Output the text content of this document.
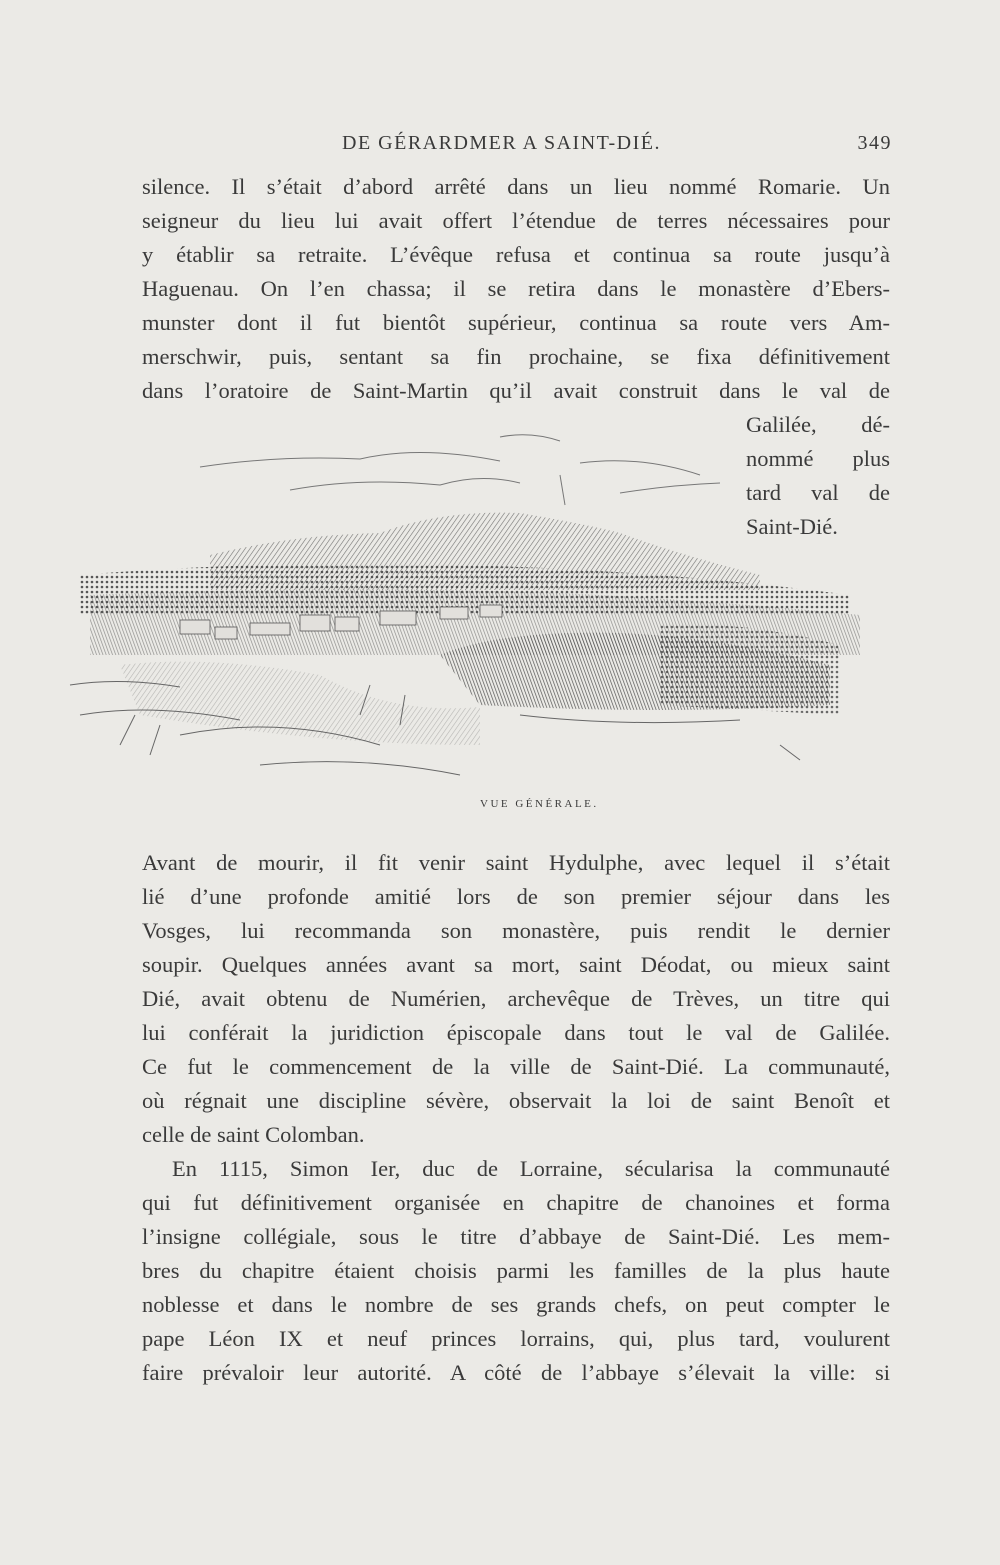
DE GÉRARDMER A SAINT-DIÉ.	349
silence. Il s’était d’abord arrêté dans un lieu nommé Romarie. Un
seigneur du lieu lui avait offert l’étendue de terres nécessaires pour
y établir sa retraite. L’évêque refusa et continua sa route jusqu’à
Haguenau. On l’en chassa; il se retira dans le monastère d’Ebers-
munster dont il fut bientôt supérieur, continua sa route vers Am-
merschwir, puis, sentant sa fin prochaine, se fixa définitivement
dans l’oratoire de Saint-Martin qu’il avait construit dans le val de
Galilée, dé-
nommé plus
tard val de
Saint-Dié.
VUE GÉNÉRALE.
Avant de mourir, il fit venir saint Hydulphe, avec lequel il s’était
lié d’une profonde amitié lors de son premier séjour dans les
Vosges, lui recommanda son monastère, puis rendit le dernier
soupir. Quelques années avant sa mort, saint Déodat, ou mieux saint
Dié, avait obtenu de Numérien, archevêque de Trèves, un titre qui
lui conférait la juridiction épiscopale dans tout le val de Galilée.
Ce fut le commencement de la ville de Saint-Dié. La communauté,
où régnait une discipline sévère, observait la loi de saint Benoît et
celle de saint Colomban.
En 1115, Simon Ier, duc de Lorraine, sécularisa la communauté
qui fut définitivement organisée en chapitre de chanoines et forma
l’insigne collégiale, sous le titre d’abbaye de Saint-Dié. Les mem-
bres du chapitre étaient choisis parmi les familles de la plus haute
noblesse et dans le nombre de ses grands chefs, on peut compter le
pape Léon IX et neuf princes lorrains, qui, plus tard, voulurent
faire prévaloir leur autorité. A côté de l’abbaye s’élevait la ville: si
